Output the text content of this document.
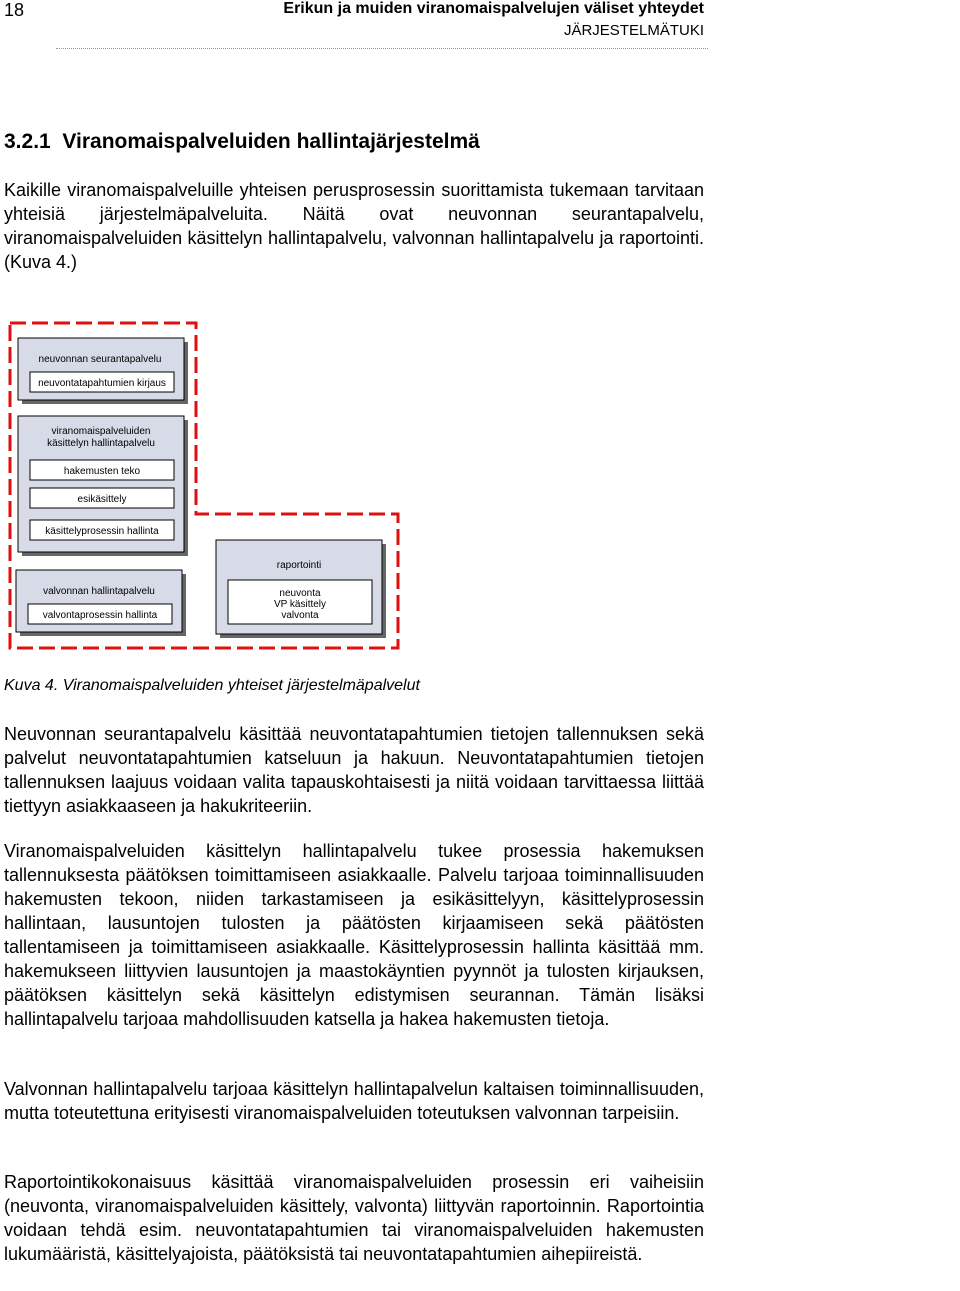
18	Erikun ja muiden viranomaispalvelujen väliset yhteydet
JÄRJESTELMÄTUKI
3.2.1  Viranomaispalveluiden hallintajärjestelmä

Kaikille viranomaispalveluille yhteisen perusprosessin suorittamista tukemaan tarvitaan yhteisiä järjestelmäpalveluita. Näitä ovat neuvonnan seurantapalvelu, viranomaispalveluiden käsittelyn hallintapalvelu, valvonnan hallintapalvelu ja raportointi. (Kuva 4.)

neuvonnan seurantapalvelu
neuvontatapahtumien kirjaus
viranomaispalveluiden
käsittelyn hallintapalvelu
hakemusten teko
esikäsittely
käsittelyprosessin hallinta
valvonnan hallintapalvelu
valvontaprosessin hallinta
raportointi
neuvonta
VP käsittely
valvonta
Kuva 4. Viranomaispalveluiden yhteiset järjestelmäpalvelut

Neuvonnan seurantapalvelu käsittää neuvontatapahtumien tietojen tallennuksen sekä palvelut neuvontatapahtumien katseluun ja hakuun. Neuvontatapahtumien tietojen tallennuksen laajuus voidaan valita tapauskohtaisesti ja niitä voidaan tarvittaessa liittää tiettyyn asiakkaaseen ja hakukriteeriin.

Viranomaispalveluiden käsittelyn hallintapalvelu tukee prosessia hakemuksen tallennuksesta päätöksen toimittamiseen asiakkaalle. Palvelu tarjoaa toiminnallisuuden hakemusten tekoon, niiden tarkastamiseen ja esikäsittelyyn, käsittelyprosessin hallintaan, lausuntojen tulosten ja päätösten kirjaamiseen sekä päätösten tallentamiseen ja toimittamiseen asiakkaalle. Käsittelyprosessin hallinta käsittää mm. hakemukseen liittyvien lausuntojen ja maastokäyntien pyynnöt ja tulosten kirjauksen, päätöksen käsittelyn sekä käsittelyn edistymisen seurannan. Tämän lisäksi hallintapalvelu tarjoaa mahdollisuuden katsella ja hakea hakemusten tietoja.

Valvonnan hallintapalvelu tarjoaa käsittelyn hallintapalvelun kaltaisen toiminnallisuuden, mutta toteutettuna erityisesti viranomaispalveluiden toteutuksen valvonnan tarpeisiin.

Raportointikokonaisuus käsittää viranomaispalveluiden prosessin eri vaiheisiin (neuvonta, viranomaispalveluiden käsittely, valvonta) liittyvän raportoinnin. Raportointia voidaan tehdä esim. neuvontatapahtumien tai viranomaispalveluiden hakemusten lukumääristä, käsittelyajoista, päätöksistä tai neuvontatapahtumien aihepiireistä.
